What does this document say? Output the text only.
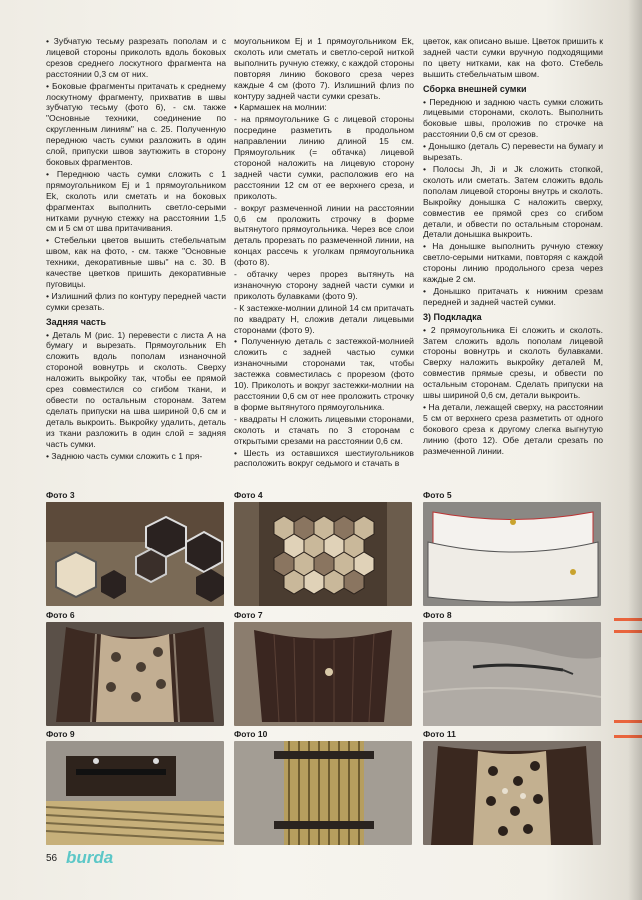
• Зубчатую тесьму разрезать пополам и с лицевой стороны приколоть вдоль боковых срезов среднего лоскутного фрагмента на расстоянии 0,3 см от них.

• Боковые фрагменты притачать к среднему лоскутному фрагменту, прихватив в швы зубчатую тесьму (фото 6), - см. также "Основные техники, соединение по скругленным линиям" на с. 25. Полученную переднюю часть сумки разложить в один слой, припуски швов заутюжить в сторону боковых фрагментов.

• Переднюю часть сумки сложить с 1 прямоугольником Ej и 1 прямоугольником Ek, сколоть или сметать и на боковых фрагментах выполнить светло-серыми нитками ручную стежку на расстоянии 1,5 см и 5 см от шва притачивания.

• Стебельки цветов вышить стебельчатым швом, как на фото, - см. также "Основные техники, декоративные швы" на с. 30. В качестве цветков пришить декоративные пуговицы.

• Излишний флиз по контуру передней части сумки срезать.

Задняя часть

• Деталь М (рис. 1) перевести с листа А на бумагу и вырезать. Прямоугольник Eh сложить вдоль пополам изнаночной стороной вовнутрь и сколоть. Сверху наложить выкройку так, чтобы ее прямой срез совместился со сгибом ткани, и обвести по остальным сторонам. Затем сделать припуски на шва шириной 0,6 см и деталь выкроить. Выкройку удалить, деталь из ткани разложить в один слой = задняя часть сумки.

• Заднюю часть сумки сложить с 1 пря-

моугольником Ej и 1 прямоугольником Ek, сколоть или сметать и светло-серой ниткой выполнить ручную стежку, с каждой стороны повторяя линию бокового среза через каждые 4 см (фото 7). Излишний флиз по контуру задней части сумки срезать.

• Кармашек на молнии:

- на прямоугольнике G с лицевой стороны посредине разметить в продольном направлении линию длиной 15 см. Прямоугольник (= обтачка) лицевой стороной наложить на лицевую сторону задней части сумки, расположив его на расстоянии 12 см от ее верхнего среза, и приколоть.

- вокруг размеченной линии на расстоянии 0,6 см проложить строчку в форме вытянутого прямоугольника. Через все слои деталь прорезать по размеченной линии, на концах рассечь к уголкам прямоугольника (фото 8).

- обтачку через прорез вытянуть на изнаночную сторону задней части сумки и приколоть булавками (фото 9).

- К застежке-молнии длиной 14 см притачать по квадрату H, сложив детали лицевыми сторонами (фото 9).

• Полученную деталь с застежкой-молнией сложить с задней частью сумки изнаночными сторонами так, чтобы застежка совместилась с прорезом (фото 10). Приколоть и вокруг застежки-молнии на расстоянии 0,6 см от нее проложить строчку в форме вытянутого прямоугольника.

- квадраты H сложить лицевыми сторонами, сколоть и стачать по 3 сторонам с открытыми срезами на расстоянии 0,6 см.

• Шесть из оставшихся шестиугольников расположить вокруг седьмого и стачать в

цветок, как описано выше. Цветок пришить к задней части сумки вручную подходящими по цвету нитками, как на фото. Стебель вышить стебельчатым швом.

Сборка внешней сумки

• Переднюю и заднюю часть сумки сложить лицевыми сторонами, сколоть. Выполнить боковые швы, проложив по строчке на расстоянии 0,6 см от срезов.

• Донышко (деталь С) перевести на бумагу и вырезать.

• Полосы Jh, Ji и Jk сложить стопкой, сколоть или сметать. Затем сложить вдоль пополам лицевой стороны внутрь и сколоть. Выкройку донышка С наложить сверху, совместив ее прямой срез со сгибом детали, и обвести по остальным сторонам. Детали донышка выкроить.

• На донышке выполнить ручную стежку светло-серыми нитками, повторяя с каждой стороны линию продольного среза через каждые 2 см.

• Донышко притачать к нижним срезам передней и задней частей сумки.

3) Подкладка

• 2 прямоугольника Ei сложить и сколоть. Затем сложить вдоль пополам лицевой стороны вовнутрь и сколоть булавками. Сверху наложить выкройку деталей М, совместив прямые срезы, и обвести по остальным сторонам. Сделать припуски на швы шириной 0,6 см, детали выкроить.

• На детали, лежащей сверху, на расстоянии 5 см от верхнего среза разметить от одного бокового среза к другому слегка выгнутую линию (фото 12). Обе детали срезать по размеченной линии.

Фото 3	Фото 4	Фото 5
Фото 6	Фото 7	Фото 8
Фото 9	Фото 10	Фото 11
56 burda
